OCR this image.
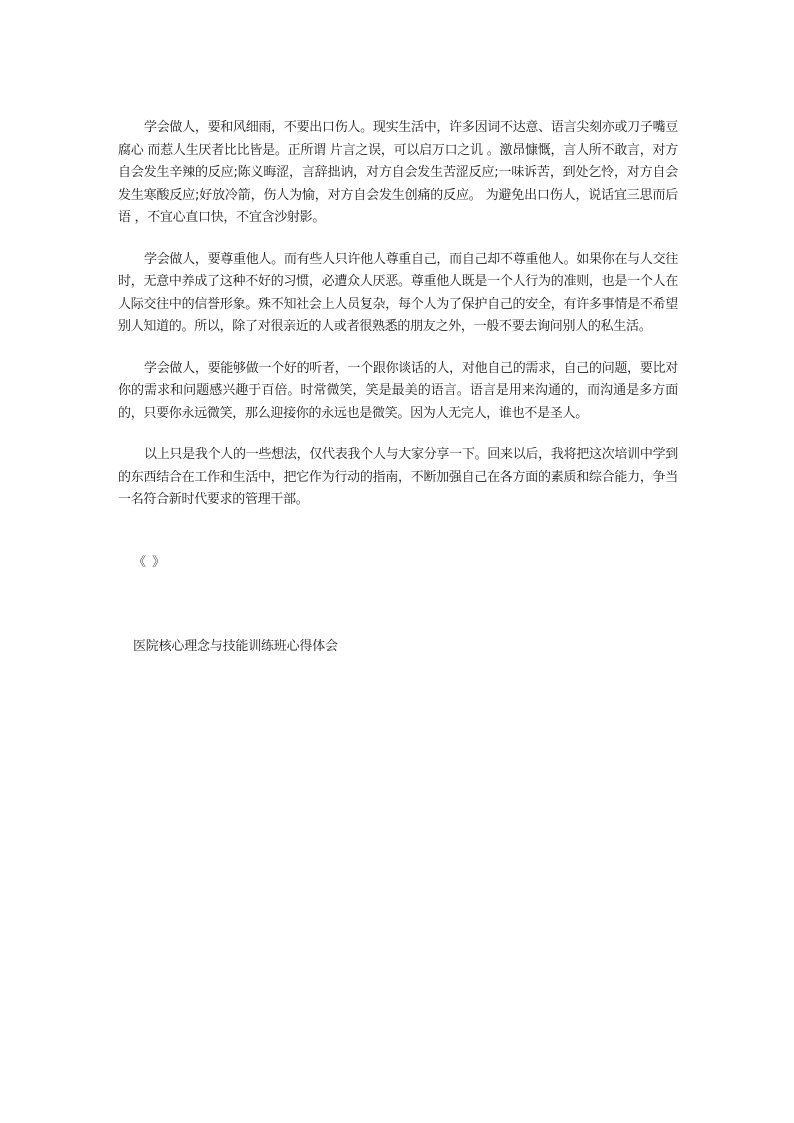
学会做人，要和风细雨，不要出口伤人。现实生活中，许多因词不达意、语言尖刻亦或刀子嘴豆腐心 而惹人生厌者比比皆是。正所谓 片言之误，可以启万口之讥 。激昂慷慨，言人所不敢言，对方自会发生辛辣的反应;陈义晦涩，言辞拙讷，对方自会发生苦涩反应;一味诉苦，到处乞怜，对方自会发生寒酸反应;好放冷箭，伤人为愉，对方自会发生创痛的反应。 为避免出口伤人，说话宜三思而后 语 ，不宜心直口快，不宜含沙射影。

学会做人，要尊重他人。而有些人只许他人尊重自己，而自己却不尊重他人。如果你在与人交往时，无意中养成了这种不好的习惯，必遭众人厌恶。尊重他人既是一个人行为的准则，也是一个人在人际交往中的信誉形象。殊不知社会上人员复杂，每个人为了保护自己的安全，有许多事情是不希望别人知道的。所以，除了对很亲近的人或者很熟悉的朋友之外，一般不要去询问别人的私生活。

学会做人，要能够做一个好的听者，一个跟你谈话的人，对他自己的需求，自己的问题，要比对你的需求和问题感兴趣于百倍。时常微笑，笑是最美的语言。语言是用来沟通的，而沟通是多方面的，只要你永远微笑，那么迎接你的永远也是微笑。因为人无完人，谁也不是圣人。

以上只是我个人的一些想法，仅代表我个人与大家分享一下。回来以后，我将把这次培训中学到的东西结合在工作和生活中，把它作为行动的指南，不断加强自己在各方面的素质和综合能力，争当一名符合新时代要求的管理干部。

《 》
医院核心理念与技能训练班心得体会
